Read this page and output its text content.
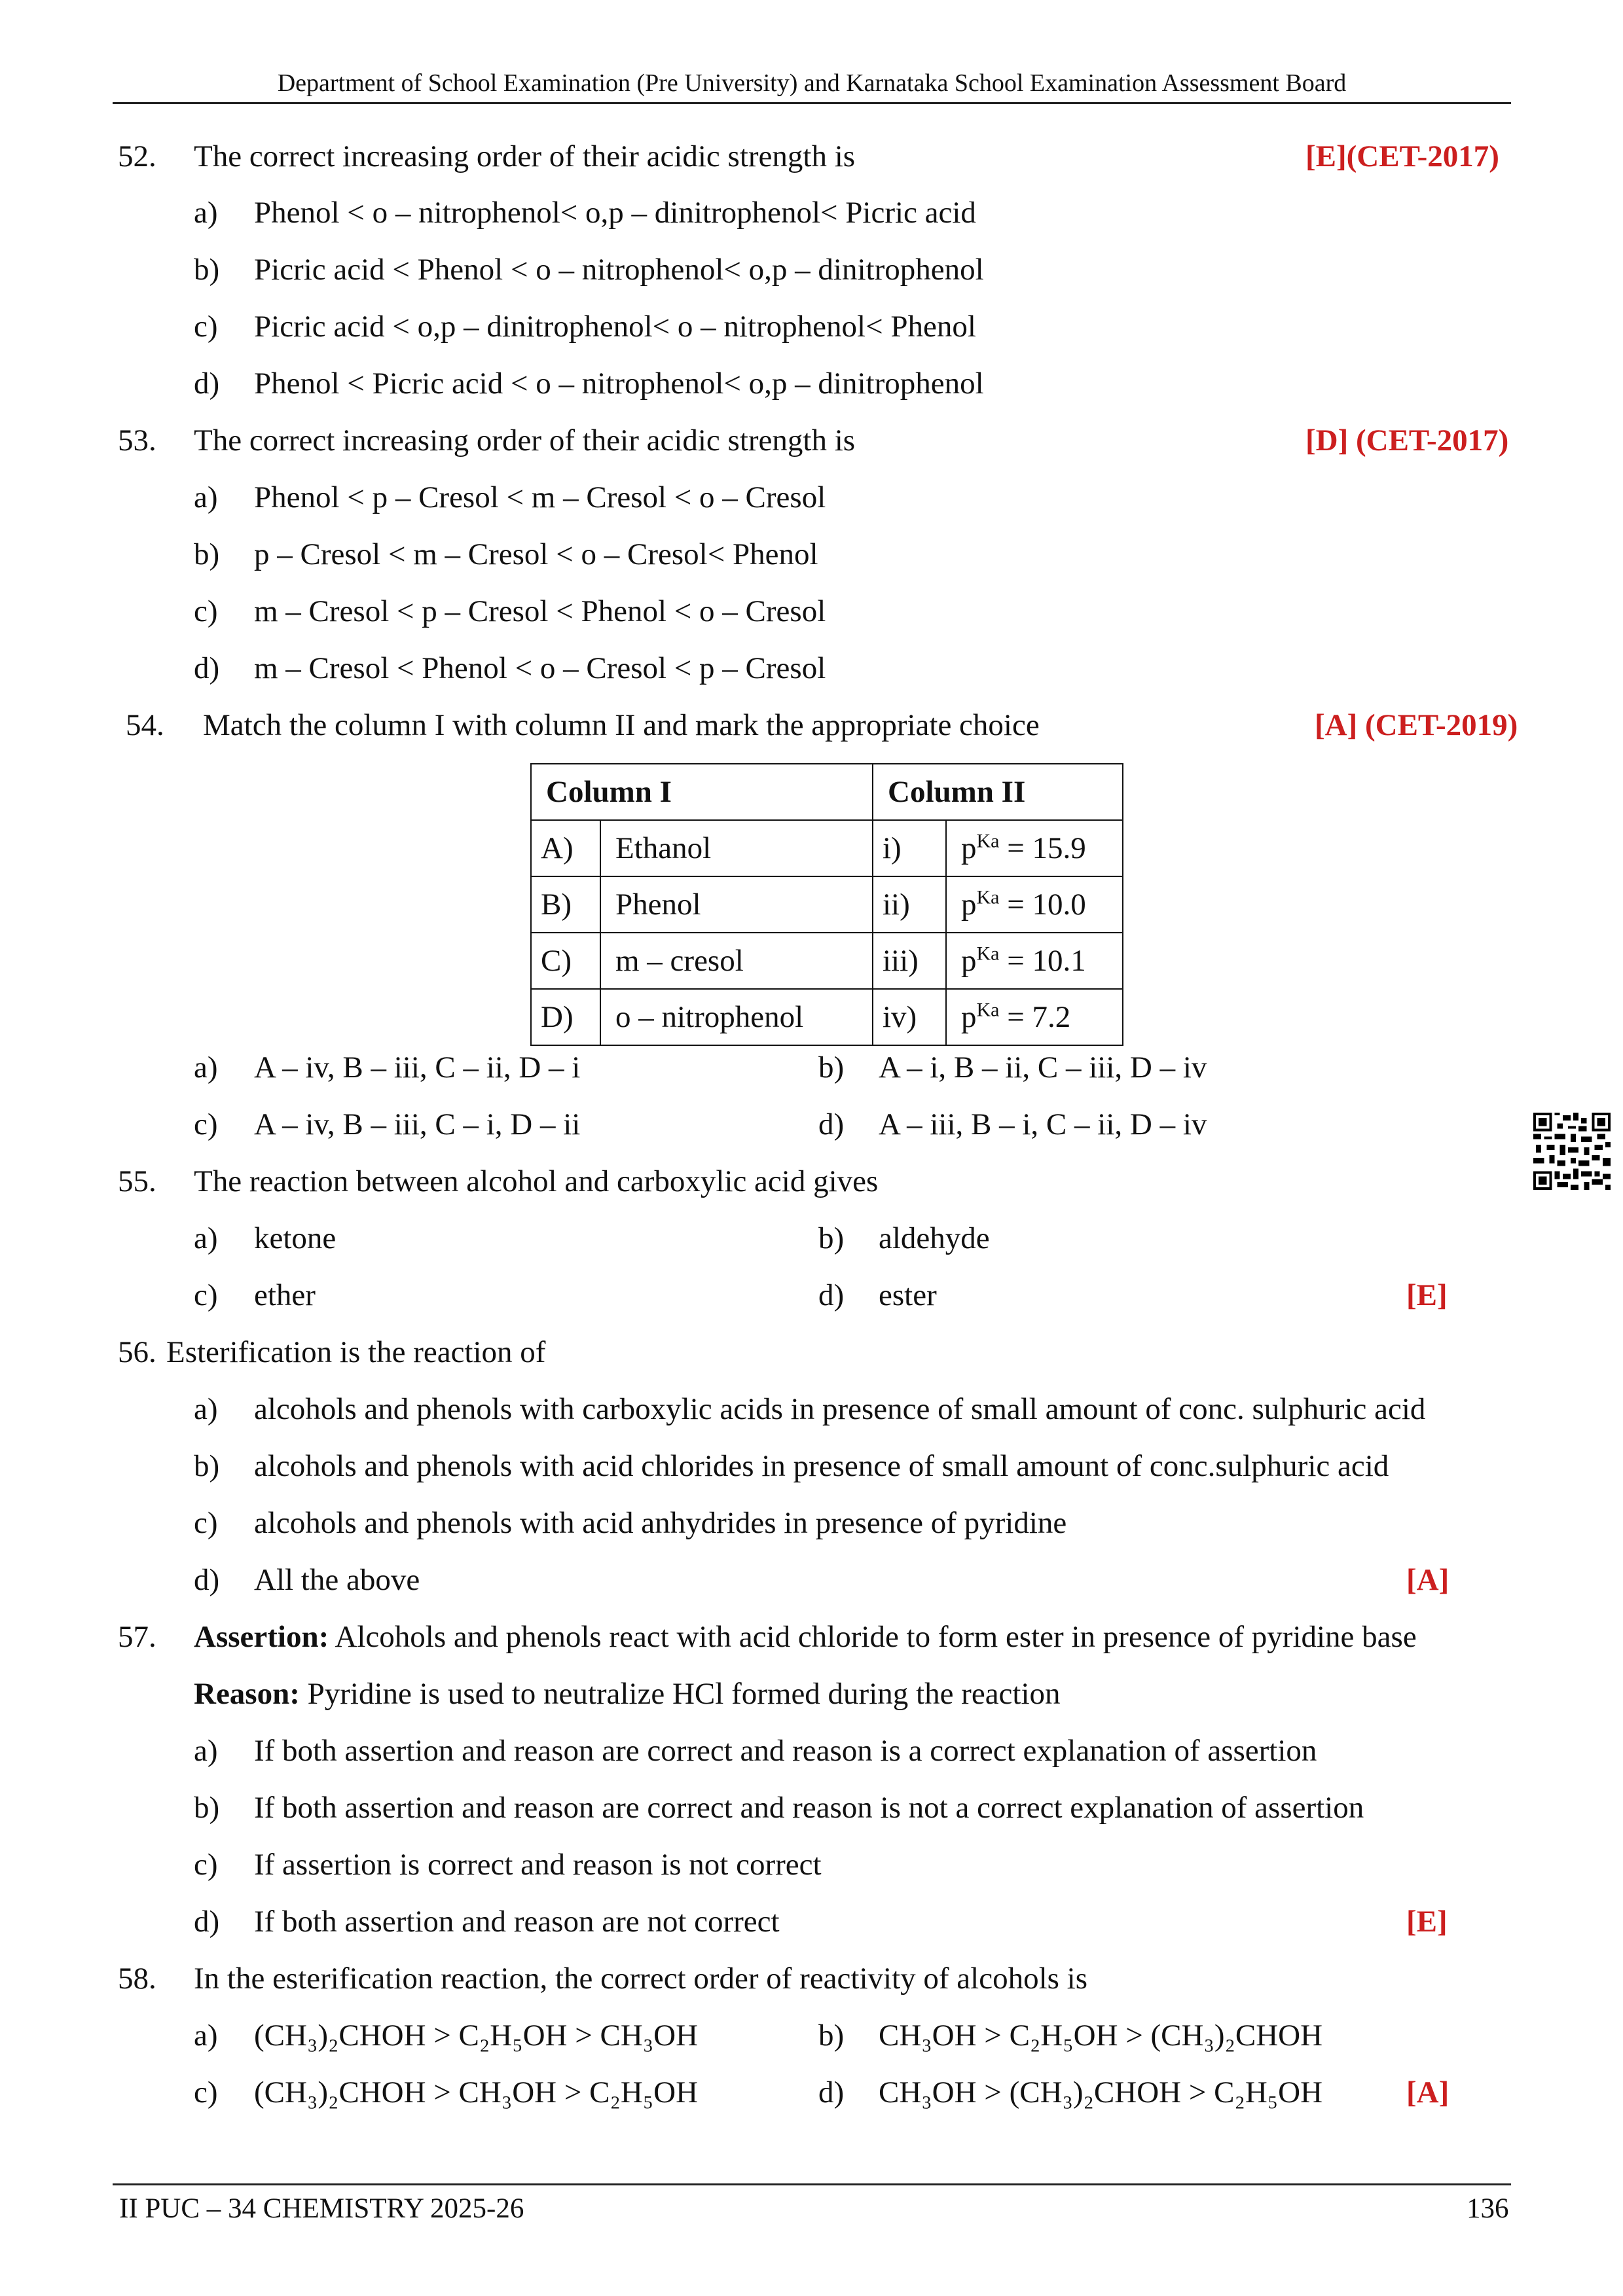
Department of School Examination (Pre University) and Karnataka School Examination Assessment Board
52. The correct increasing order of their acidic strength is	[E](CET-2017)
a) Phenol < o – nitrophenol< o,p – dinitrophenol< Picric acid
b) Picric acid < Phenol < o – nitrophenol< o,p – dinitrophenol
c) Picric acid < o,p – dinitrophenol< o – nitrophenol< Phenol
d) Phenol < Picric acid < o – nitrophenol< o,p – dinitrophenol
53. The correct increasing order of their acidic strength is	[D] (CET-2017)
a) Phenol < p – Cresol < m – Cresol < o – Cresol
b) p – Cresol < m – Cresol < o – Cresol< Phenol
c) m – Cresol < p – Cresol < Phenol < o – Cresol
d) m – Cresol < Phenol < o – Cresol < p – Cresol
54. Match the column I with column II and mark the appropriate choice	[A] (CET-2019)
Column I		Column II	
A)	Ethanol	i)	$p^{Ka} = 15.9$
B)	Phenol	ii)	$p^{Ka} = 10.0$
C)	m – cresol	iii)	$p^{Ka} = 10.1$
D)	o – nitrophenol	iv)	$p^{Ka} = 7.2$
a) A – iv, B – iii, C – ii, D – i	b) A – i, B – ii, C – iii, D – iv
c) A – iv, B – iii, C – i, D – ii	d) A – iii, B – i, C – ii, D – iv
55. The reaction between alcohol and carboxylic acid gives
a) ketone	b) aldehyde
c) ether	d) ester	[E]
56. Esterification is the reaction of
a) alcohols and phenols with carboxylic acids in presence of small amount of conc. sulphuric acid
b) alcohols and phenols with acid chlorides in presence of small amount of conc.sulphuric acid
c) alcohols and phenols with acid anhydrides in presence of pyridine
d) All the above	[A]
57. Assertion: Alcohols and phenols react with acid chloride to form ester in presence of pyridine base
Reason: Pyridine is used to neutralize HCl formed during the reaction
a) If both assertion and reason are correct and reason is a correct explanation of assertion
b) If both assertion and reason are correct and reason is not a correct explanation of assertion
c) If assertion is correct and reason is not correct
d) If both assertion and reason are not correct	[E]
58. In the esterification reaction, the correct order of reactivity of alcohols is
a) (CH₃)₂CHOH > C₂H₅OH > CH₃OH	b) CH₃OH > C₂H₅OH > (CH₃)₂CHOH
c) (CH₃)₂CHOH > CH₃OH > C₂H₅OH	d) CH₃OH > (CH₃)₂CHOH > C₂H₅OH	[A]
II PUC – 34 CHEMISTRY 2025-26	136
